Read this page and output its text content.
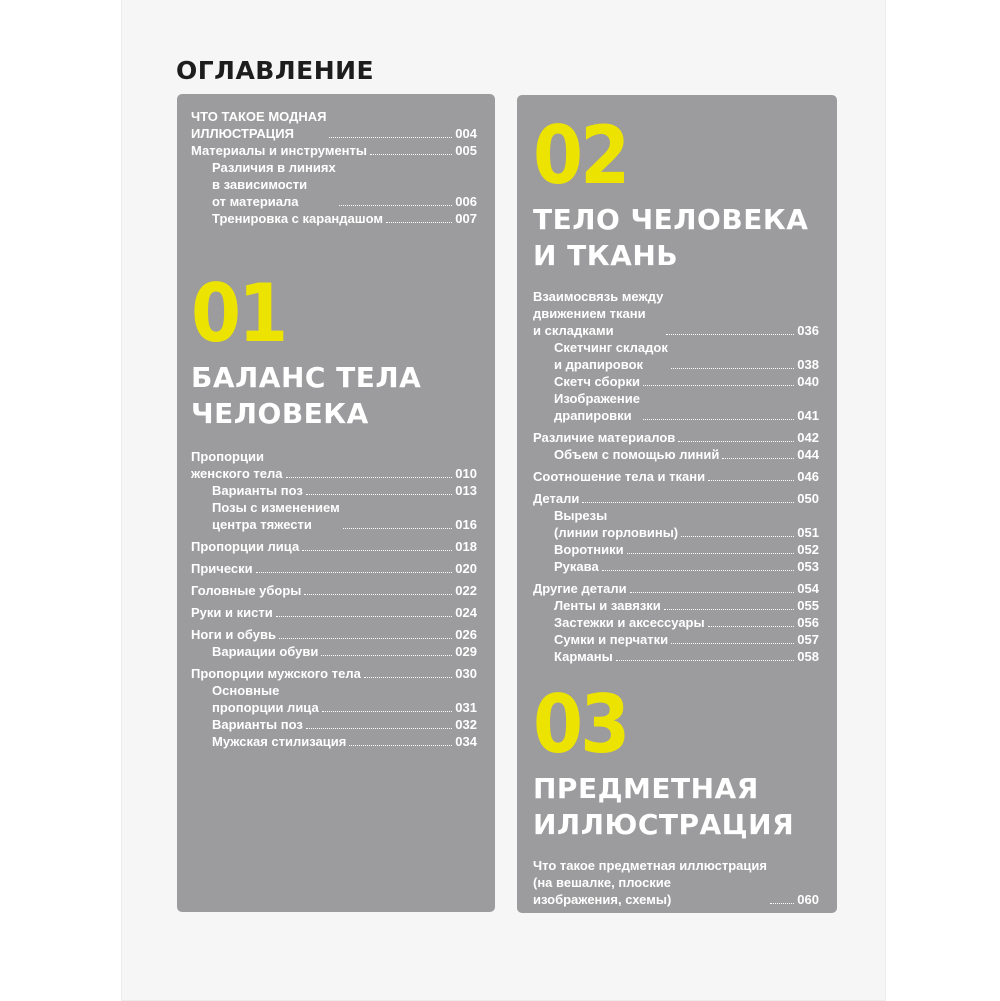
ОГЛАВЛЕНИЕ
ЧТО ТАКОЕ МОДНАЯ
ИЛЛЮСТРАЦИЯ	004
Материалы и инструменты	005
Различия в линиях
в зависимости
от материала	006
Тренировка с карандашом	007
01
БАЛАНС ТЕЛА
ЧЕЛОВЕКА
Пропорции
женского тела	010
Варианты поз	013
Позы с изменением
центра тяжести	016
Пропорции лица	018
Прически	020
Головные уборы	022
Руки и кисти	024
Ноги и обувь	026
Вариации обуви	029
Пропорции мужского тела	030
Основные
пропорции лица	031
Варианты поз	032
Мужская стилизация	034
02
ТЕЛО ЧЕЛОВЕКА
И ТКАНЬ
Взаимосвязь между
движением ткани
и складками	036
Скетчинг складок
и драпировок	038
Скетч сборки	040
Изображение
драпировки	041
Различие материалов	042
Объем с помощью линий	044
Соотношение тела и ткани	046
Детали	050
Вырезы
(линии горловины)	051
Воротники	052
Рукава	053
Другие детали	054
Ленты и завязки	055
Застежки и аксессуары	056
Сумки и перчатки	057
Карманы	058
03
ПРЕДМЕТНАЯ
ИЛЛЮСТРАЦИЯ
Что такое предметная иллюстрация
(на вешалке, плоские
изображения, схемы)	060
